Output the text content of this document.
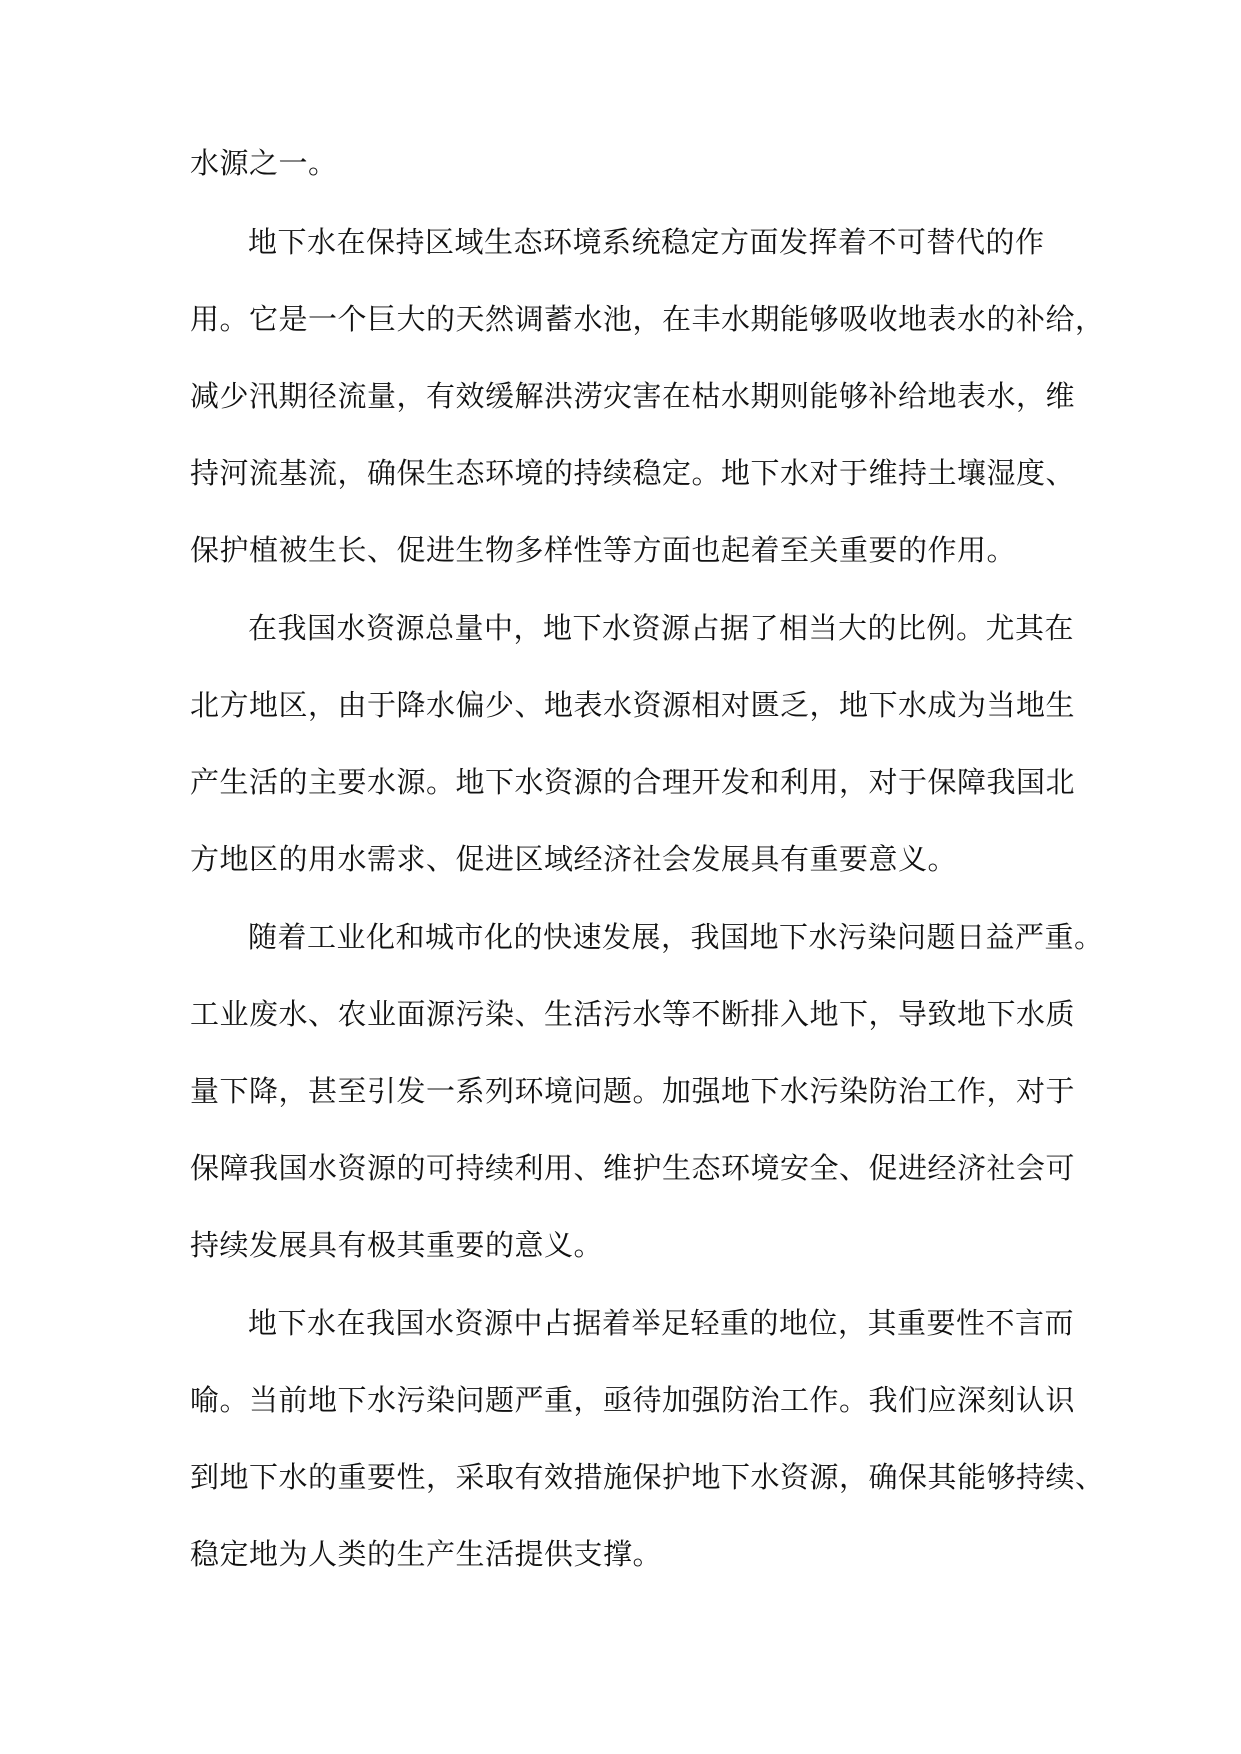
水源之一。
地下水在保持区域生态环境系统稳定方面发挥着不可替代的作
用。它是一个巨大的天然调蓄水池，在丰水期能够吸收地表水的补给，
减少汛期径流量，有效缓解洪涝灾害在枯水期则能够补给地表水，维
持河流基流，确保生态环境的持续稳定。地下水对于维持土壤湿度、
保护植被生长、促进生物多样性等方面也起着至关重要的作用。
在我国水资源总量中，地下水资源占据了相当大的比例。尤其在
北方地区，由于降水偏少、地表水资源相对匮乏，地下水成为当地生
产生活的主要水源。地下水资源的合理开发和利用，对于保障我国北
方地区的用水需求、促进区域经济社会发展具有重要意义。
随着工业化和城市化的快速发展，我国地下水污染问题日益严重。
工业废水、农业面源污染、生活污水等不断排入地下，导致地下水质
量下降，甚至引发一系列环境问题。加强地下水污染防治工作，对于
保障我国水资源的可持续利用、维护生态环境安全、促进经济社会可
持续发展具有极其重要的意义。
地下水在我国水资源中占据着举足轻重的地位，其重要性不言而
喻。当前地下水污染问题严重，亟待加强防治工作。我们应深刻认识
到地下水的重要性，采取有效措施保护地下水资源，确保其能够持续、
稳定地为人类的生产生活提供支撑。
